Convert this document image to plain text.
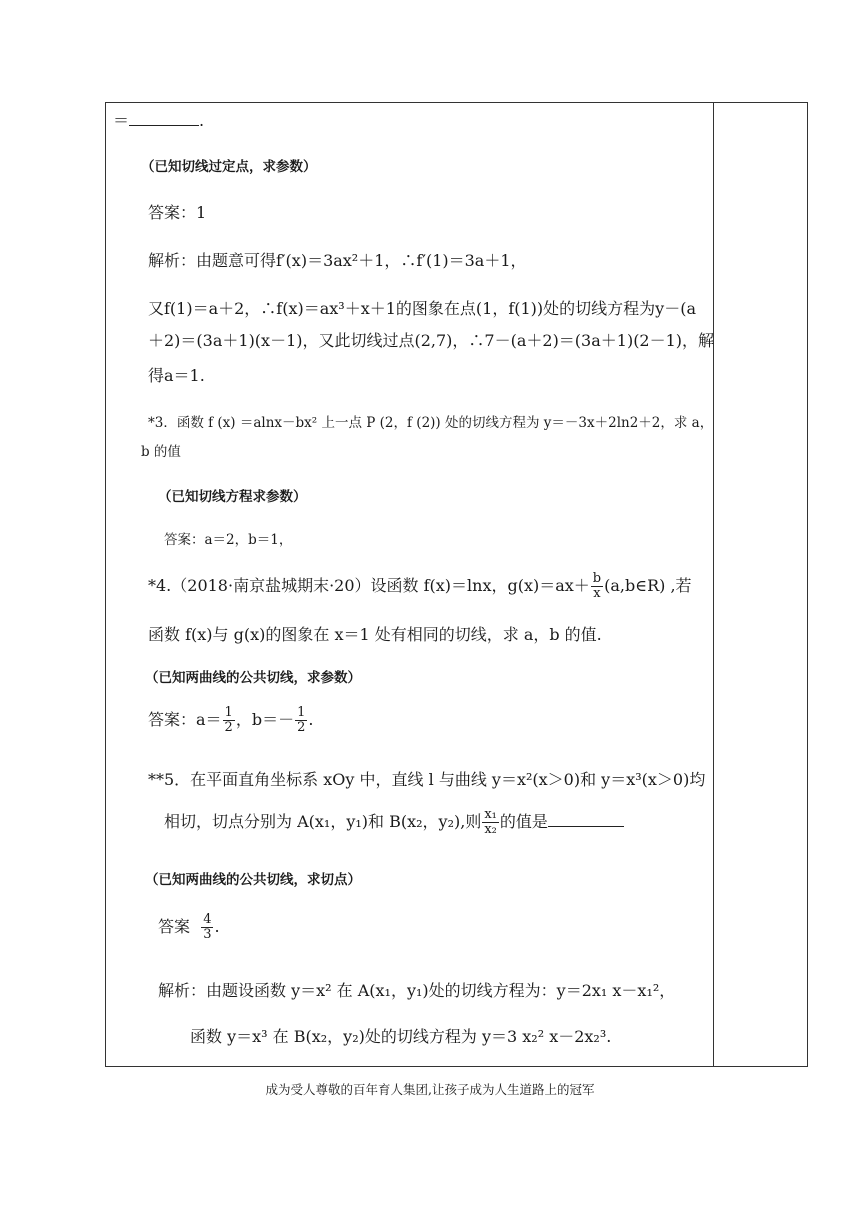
＝	.
（已知切线过定点，求参数）
答案：1
解析：由题意可得f′(x)＝3ax²＋1，∴f′(1)＝3a＋1，
又f(1)＝a＋2，∴f(x)＝ax³＋x＋1的图象在点(1，f(1))处的切线方程为y－(a
＋2)＝(3a＋1)(x－1)，又此切线过点(2,7)，∴7－(a＋2)＝(3a＋1)(2－1)，解
得a＝1.
*3．函数 f (x) ＝alnx－bx² 上一点 P (2，f (2)) 处的切线方程为 y＝－3x＋2ln2＋2，求 a，
b 的值
（已知切线方程求参数）
答案：a＝2，b＝1，
*4.（2018·南京盐城期末·20）设函数 f(x)＝lnx，$g(x)=ax+ \frac{b}{x}$ (a,b∈R) ,若
函数 f(x)与 g(x)的图象在 x＝1 处有相同的切线，求 a，b 的值.
（已知两曲线的公共切线，求参数）
答案：$a= \frac{1}{2}$ ，$b=- \frac{1}{2}$ .
**5．在平面直角坐标系 xOy 中，直线 l 与曲线 y＝x²(x＞0)和 y＝x³(x＞0)均
相切，切点分别为 A(x₁，y₁)和 B(x₂，y₂),则 $\frac{\text{x₁}}{\text{x₂}}$ 的值是
（已知两曲线的公共切线，求切点）
答案 $\frac{4}{3}$ .
解析：由题设函数 y＝x² 在 A(x₁，y₁)处的切线方程为：y＝2x₁ x－x₁²，
函数 y＝x³ 在 B(x₂，y₂)处的切线方程为 y＝3 x₂² x－2x₂³.
成为受人尊敬的百年育人集团,让孩子成为人生道路上的冠军
